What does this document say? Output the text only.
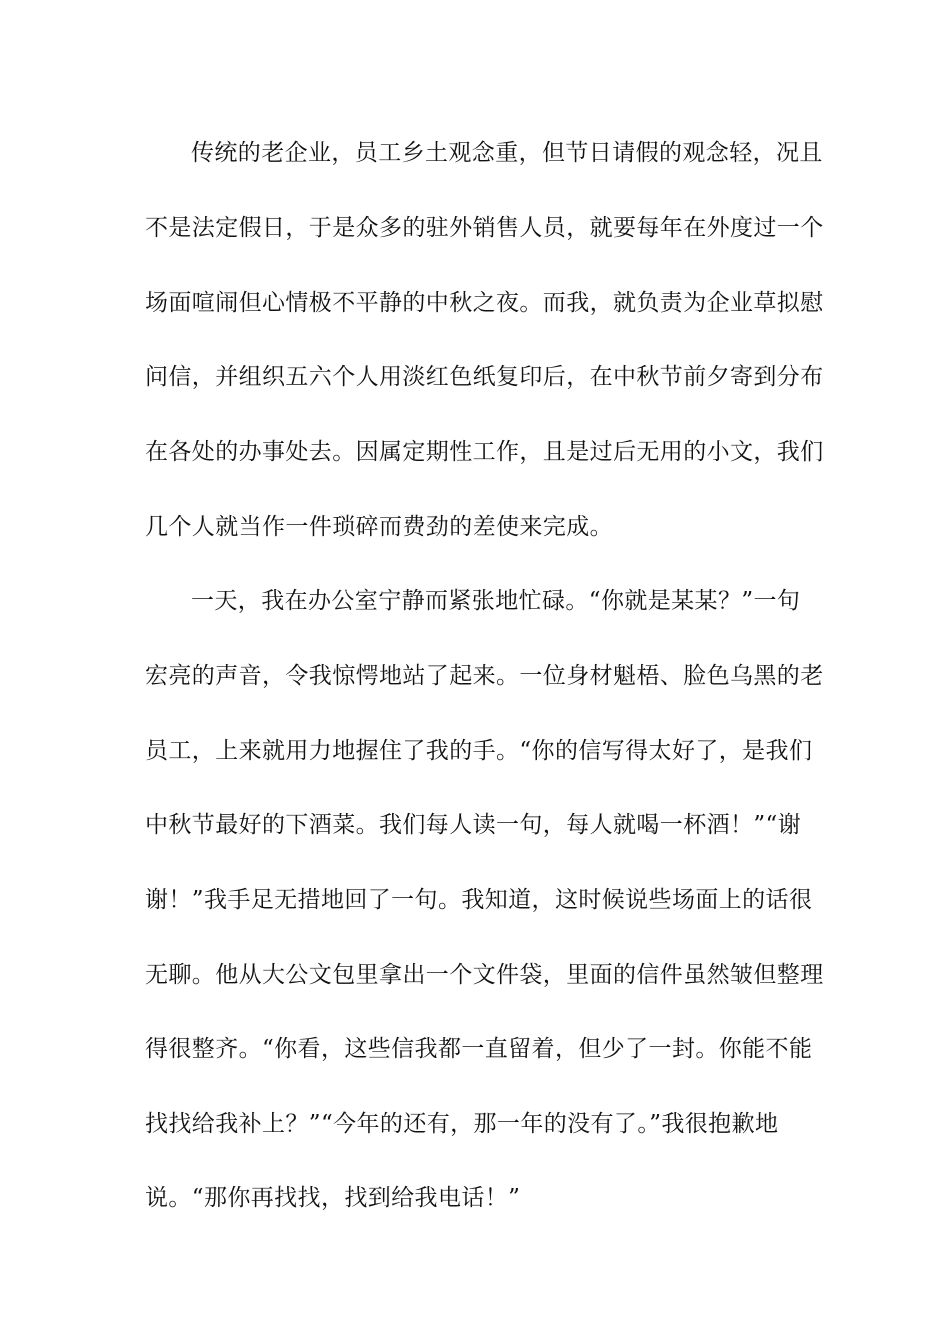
传统的老企业，员工乡土观念重，但节日请假的观念轻，况且
不是法定假日，于是众多的驻外销售人员，就要每年在外度过一个
场面喧闹但心情极不平静的中秋之夜。而我，就负责为企业草拟慰
问信，并组织五六个人用淡红色纸复印后，在中秋节前夕寄到分布
在各处的办事处去。因属定期性工作，且是过后无用的小文，我们
几个人就当作一件琐碎而费劲的差使来完成。
一天，我在办公室宁静而紧张地忙碌。“你就是某某？”一句
宏亮的声音，令我惊愕地站了起来。一位身材魁梧、脸色乌黑的老
员工，上来就用力地握住了我的手。“你的信写得太好了，是我们
中秋节最好的下酒菜。我们每人读一句，每人就喝一杯酒！”“谢
谢！”我手足无措地回了一句。我知道，这时候说些场面上的话很
无聊。他从大公文包里拿出一个文件袋，里面的信件虽然皱但整理
得很整齐。“你看，这些信我都一直留着，但少了一封。你能不能
找找给我补上？”“今年的还有，那一年的没有了。”我很抱歉地
说。“那你再找找，找到给我电话！”
